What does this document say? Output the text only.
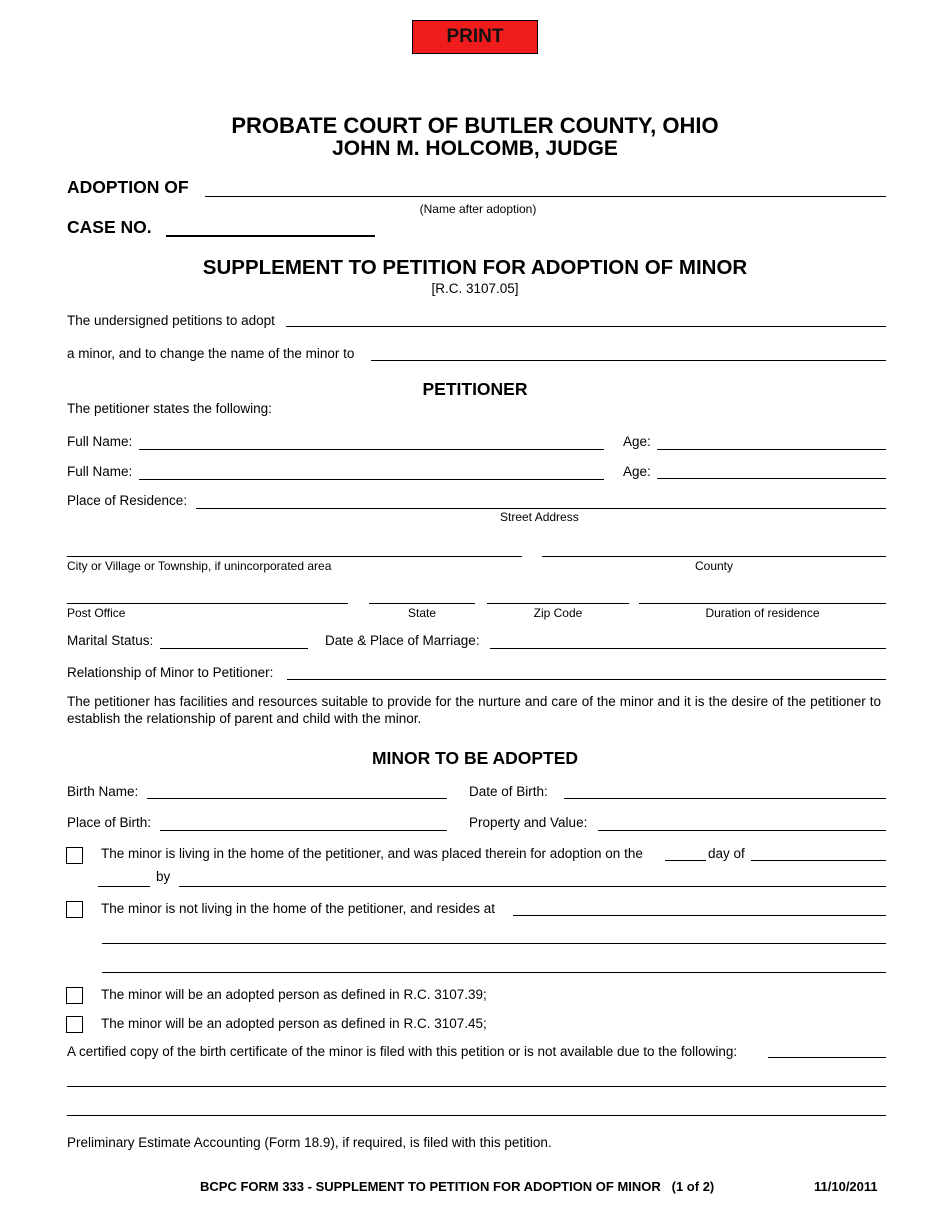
PRINT
PROBATE COURT OF BUTLER COUNTY, OHIO
JOHN M. HOLCOMB, JUDGE
ADOPTION OF
(Name after adoption)
CASE NO.
SUPPLEMENT TO PETITION FOR ADOPTION OF MINOR
[R.C. 3107.05]
The undersigned petitions to adopt
a minor, and to change the name of the minor to
PETITIONER
The petitioner states the following:
Full Name:	Age:
Full Name:	Age:
Place of Residence:
Street Address
City or Village or Township, if unincorporated area	County
Post Office	State	Zip Code	Duration of residence
Marital Status:	Date & Place of Marriage:
Relationship of Minor to Petitioner:
The petitioner has facilities and resources suitable to provide for the nurture and care of the minor and it is the desire of the petitioner to establish the relationship of parent and child with the minor.
MINOR TO BE ADOPTED
Birth Name:	Date of Birth:
Place of Birth:	Property and Value:
The minor is living in the home of the petitioner, and was placed therein for adoption on the	day of
by
The minor is not living in the home of the petitioner, and resides at
The minor will be an adopted person as defined in R.C. 3107.39;
The minor will be an adopted person as defined in R.C. 3107.45;
A certified copy of the birth certificate of the minor is filed with this petition or is not available due to the following:
Preliminary Estimate Accounting (Form 18.9), if required, is filed with this petition.
BCPC FORM 333 - SUPPLEMENT TO PETITION FOR ADOPTION OF MINOR   (1 of 2)	11/10/2011
